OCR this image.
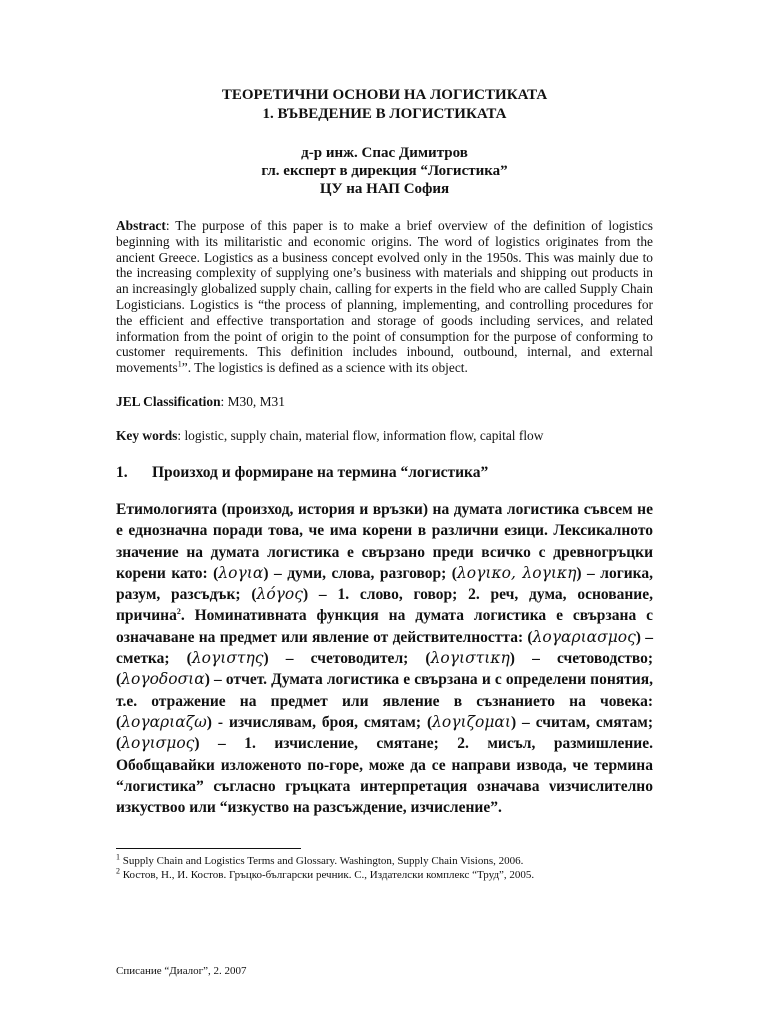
ТЕОРЕТИЧНИ ОСНОВИ НА ЛОГИСТИКАТА
1. ВЪВЕДЕНИЕ В ЛОГИСТИКАТА
д-р инж. Спас Димитров
гл. експерт в дирекция “Логистика”
ЦУ на НАП София
Abstract: The purpose of this paper is to make a brief overview of the definition of logistics beginning with its militaristic and economic origins. The word of logistics originates from the ancient Greece. Logistics as a business concept evolved only in the 1950s. This was mainly due to the increasing complexity of supplying one’s business with materials and shipping out products in an increasingly globalized supply chain, calling for experts in the field who are called Supply Chain Logisticians. Logistics is “the process of planning, implementing, and controlling procedures for the efficient and effective transportation and storage of goods including services, and related information from the point of origin to the point of consumption for the purpose of conforming to customer requirements. This definition includes inbound, outbound, internal, and external movements$^1$”. The logistics is defined as a science with its object.
JEL Classification: M30, M31
Key words: logistic, supply chain, material flow, information flow, capital flow
1. Произход и формиране на термина “логистика”
Етимологията (произход, история и връзки) на думата логистика съвсем не е еднозначна поради това, че има корени в различни езици. Лексикалното значение на думата логистика е свързано преди всичко с древногръцки корени като: (λογια) – думи, слова, разговор; (λογικο, λογικη) – логика, разум, разсъдък; (λόγος) – 1. слово, говор; 2. реч, дума, основание, причина$^2$. Номинативната функция на думата логистика е свързана с означаване на предмет или явление от действителността: (λογαριασμος) – сметка; (λογιστης) – счетоводител; (λογιστικη) – счетоводство; (λογοδοσια) – отчет. Думата логистика е свързана и с определени понятия, т.е. отражение на предмет или явление в съзнанието на човека: (λογαριαζω) - изчислявам, броя, смятам; (λογιζομαι) – считам, смятам; (λογισμος) – 1. изчисление, смятане; 2. мисъл, размишление. Обобщавайки изложеното по-горе, може да се направи извода, че термина “логистика” съгласно гръцката интерпретация означава νизчислително изкуствоο или “изкуство на разсъждение, изчисление”.
$^1$ Supply Chain and Logistics Terms and Glossary. Washington, Supply Chain Visions, 2006.
$^2$ Костов, Н., И. Костов. Гръцко-български речник. С., Издателски комплекс “Труд”, 2005.
Списание “Диалог”, 2. 2007
